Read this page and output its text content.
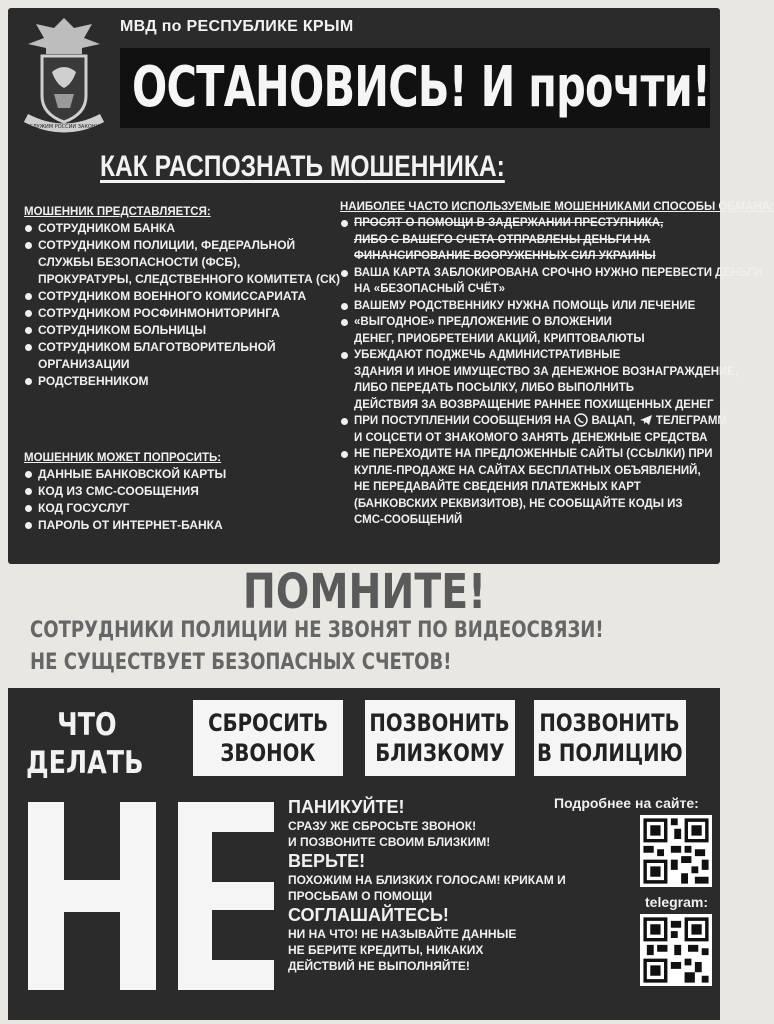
СЛУЖИМ РОССИИ ЗАКОНУ
МВД по РЕСПУБЛИКЕ КРЫМ
ОСТАНОВИСЬ! И прочти!
КАК РАСПОЗНАТЬ МОШЕННИКА:
МОШЕННИК ПРЕДСТАВЛЯЕТСЯ:
СОТРУДНИКОМ БАНКА
СОТРУДНИКОМ ПОЛИЦИИ, ФЕДЕРАЛЬНОЙ
СЛУЖБЫ БЕЗОПАСНОСТИ (ФСБ),
ПРОКУРАТУРЫ, СЛЕДСТВЕННОГО КОМИТЕТА (СК)
СОТРУДНИКОМ ВОЕННОГО КОМИССАРИАТА
СОТРУДНИКОМ РОСФИНМОНИТОРИНГА
СОТРУДНИКОМ БОЛЬНИЦЫ
СОТРУДНИКОМ БЛАГОТВОРИТЕЛЬНОЙ
ОРГАНИЗАЦИИ
РОДСТВЕННИКОМ
МОШЕННИК МОЖЕТ ПОПРОСИТЬ:
ДАННЫЕ БАНКОВСКОЙ КАРТЫ
КОД ИЗ СМС-СООБЩЕНИЯ
КОД ГОСУСЛУГ
ПАРОЛЬ ОТ ИНТЕРНЕТ-БАНКА
НАИБОЛЕЕ ЧАСТО ИСПОЛЬЗУЕМЫЕ МОШЕННИКАМИ СПОСОБЫ ОБМАНА:
ПРОСЯТ О ПОМОЩИ В ЗАДЕРЖАНИИ ПРЕСТУПНИКА,
ЛИБО С ВАШЕГО СЧЕТА ОТПРАВЛЕНЫ ДЕНЬГИ НА
ФИНАНСИРОВАНИЕ ВООРУЖЕННЫХ СИЛ УКРАИНЫ
ВАША КАРТА ЗАБЛОКИРОВАНА СРОЧНО НУЖНО ПЕРЕВЕСТИ ДЕНЬГИ
НА «БЕЗОПАСНЫЙ СЧЁТ»
ВАШЕМУ РОДСТВЕННИКУ НУЖНА ПОМОЩЬ ИЛИ ЛЕЧЕНИЕ
«ВЫГОДНОЕ» ПРЕДЛОЖЕНИЕ О ВЛОЖЕНИИ
ДЕНЕГ, ПРИОБРЕТЕНИИ АКЦИЙ, КРИПТОВАЛЮТЫ
УБЕЖДАЮТ ПОДЖЕЧЬ АДМИНИСТРАТИВНЫЕ
ЗДАНИЯ И ИНОЕ ИМУЩЕСТВО ЗА ДЕНЕЖНОЕ ВОЗНАГРАЖДЕНИЕ,
ЛИБО ПЕРЕДАТЬ ПОСЫЛКУ, ЛИБО ВЫПОЛНИТЬ
ДЕЙСТВИЯ ЗА ВОЗВРАЩЕНИЕ РАННЕЕ ПОХИЩЕННЫХ ДЕНЕГ
ПРИ ПОСТУПЛЕНИИ СООБЩЕНИЯ НА ВАЦАП, ТЕЛЕГРАММ
И СОЦСЕТИ ОТ ЗНАКОМОГО ЗАНЯТЬ ДЕНЕЖНЫЕ СРЕДСТВА
НЕ ПЕРЕХОДИТЕ НА ПРЕДЛОЖЕННЫЕ САЙТЫ (ССЫЛКИ) ПРИ
КУПЛЕ-ПРОДАЖЕ НА САЙТАХ БЕСПЛАТНЫХ ОБЪЯВЛЕНИЙ,
НЕ ПЕРЕДАВАЙТЕ СВЕДЕНИЯ ПЛАТЕЖНЫХ КАРТ
(БАНКОВСКИХ РЕКВИЗИТОВ), НЕ СООБЩАЙТЕ КОДЫ ИЗ
СМС-СООБЩЕНИЙ
ПОМНИТЕ!
СОТРУДНИКИ ПОЛИЦИИ НЕ ЗВОНЯТ ПО ВИДЕОСВЯЗИ!
НЕ СУЩЕСТВУЕТ БЕЗОПАСНЫХ СЧЕТОВ!
ЧТО
ДЕЛАТЬ
СБРОСИТЬ
ЗВОНОК
ПОЗВОНИТЬ
БЛИЗКОМУ
ПОЗВОНИТЬ
В ПОЛИЦИЮ
ПАНИКУЙТЕ!
СРАЗУ ЖЕ СБРОСЬТЕ ЗВОНОК!
И ПОЗВОНИТЕ СВОИМ БЛИЗКИМ!
ВЕРЬТЕ!
ПОХОЖИМ НА БЛИЗКИХ ГОЛОСАМ! КРИКАМ И
ПРОСЬБАМ О ПОМОЩИ
СОГЛАШАЙТЕСЬ!
НИ НА ЧТО! НЕ НАЗЫВАЙТЕ ДАННЫЕ
НЕ БЕРИТЕ КРЕДИТЫ, НИКАКИХ
ДЕЙСТВИЙ НЕ ВЫПОЛНЯЙТЕ!
Подробнее на сайте:
telegram:
